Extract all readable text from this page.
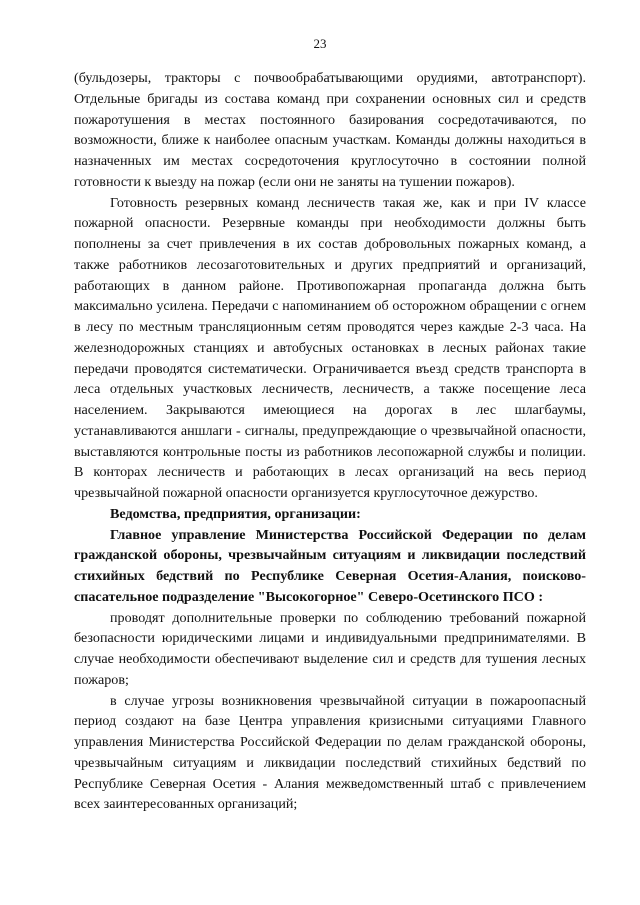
23

(бульдозеры, тракторы с почвообрабатывающими орудиями, автотранспорт). Отдельные бригады из состава команд при сохранении основных сил и средств пожаротушения в местах постоянного базирования сосредотачиваются, по возможности, ближе к наиболее опасным участкам. Команды должны находиться в назначенных им местах сосредоточения круглосуточно в состоянии полной готовности к выезду на пожар (если они не заняты на тушении пожаров).

Готовность резервных команд лесничеств такая же, как и при IV классе пожарной опасности. Резервные команды при необходимости должны быть пополнены за счет привлечения в их состав добровольных пожарных команд, а также работников лесозаготовительных и других предприятий и организаций, работающих в данном районе. Противопожарная пропаганда должна быть максимально усилена. Передачи с напоминанием об осторожном обращении с огнем в лесу по местным трансляционным сетям проводятся через каждые 2-3 часа. На железнодорожных станциях и автобусных остановках в лесных районах такие передачи проводятся систематически. Ограничивается въезд средств транспорта в леса отдельных участковых лесничеств, лесничеств, а также посещение леса населением. Закрываются имеющиеся на дорогах в лес шлагбаумы, устанавливаются аншлаги - сигналы, предупреждающие о чрезвычайной опасности, выставляются контрольные посты из работников лесопожарной службы и полиции. В конторах лесничеств и работающих в лесах организаций на весь период чрезвычайной пожарной опасности организуется круглосуточное дежурство.

Ведомства, предприятия, организации:

Главное управление Министерства Российской Федерации по делам гражданской обороны, чрезвычайным ситуациям и ликвидации последствий стихийных бедствий по Республике Северная Осетия-Алания, поисково-спасательное подразделение "Высокогорное" Северо-Осетинского ПСО :

проводят дополнительные проверки по соблюдению требований пожарной безопасности юридическими лицами и индивидуальными предпринимателями. В случае необходимости обеспечивают выделение сил и средств для тушения лесных пожаров;

в случае угрозы возникновения чрезвычайной ситуации в пожароопасный период создают на базе Центра управления кризисными ситуациями Главного управления Министерства Российской Федерации по делам гражданской обороны, чрезвычайным ситуациям и ликвидации последствий стихийных бедствий по Республике Северная Осетия - Алания межведомственный штаб с привлечением всех заинтересованных организаций;
